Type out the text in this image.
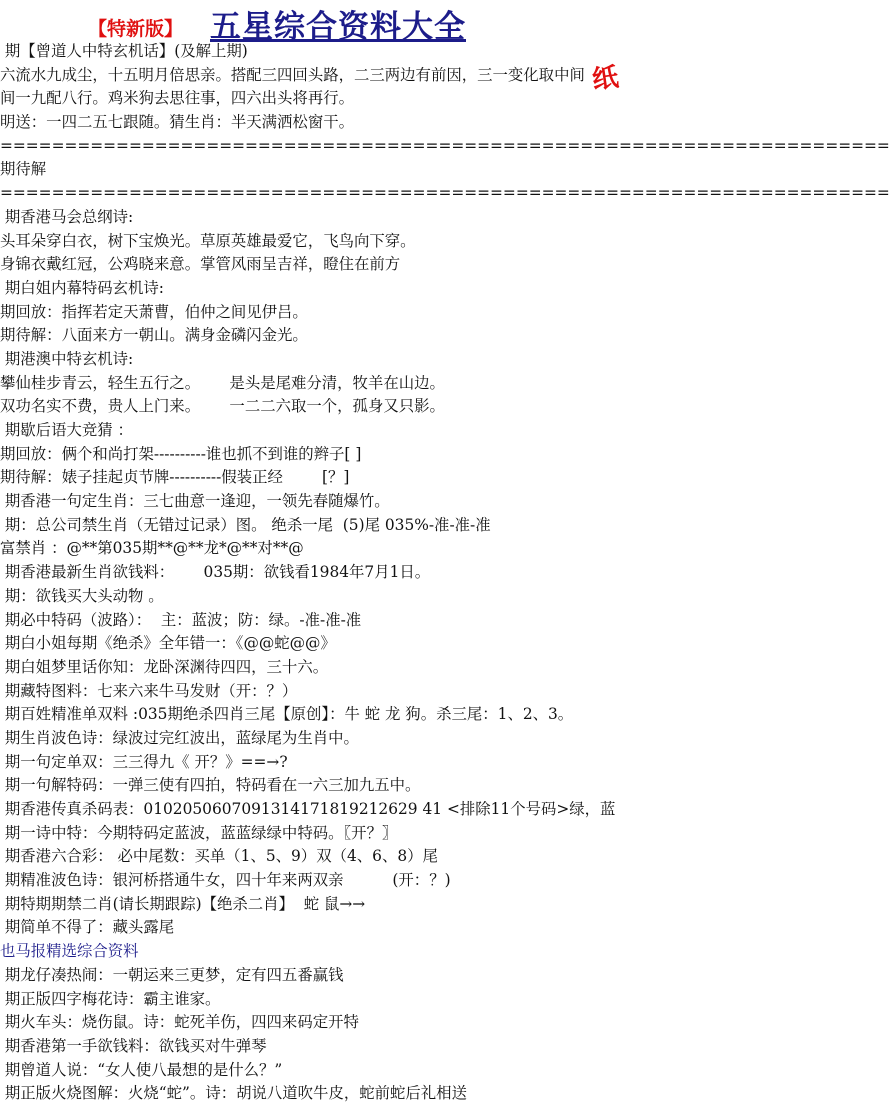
【特新版】 五星综合资料大全
纸
期【曾道人中特玄机话】(及解上期)
六流水九成尘，十五明月倍思亲。搭配三四回头路，二三两边有前因，三一变化取中间
间一九配八行。鸡米狗去思往事，四六出头将再行。
明送：一四二五七跟随。猜生肖：半天满洒松窗干。
=====================================================================
期待解
=====================================================================
期香港马会总纲诗:
头耳朵穿白衣，树下宝焕光。草原英雄最爱它，飞鸟向下穿。
身锦衣戴红冠，公鸡晓来意。掌管风雨呈吉祥，瞪住在前方
期白姐内幕特码玄机诗:
期回放：指挥若定天萧曹，伯仲之间见伊吕。
期待解：八面来方一朝山。满身金磷闪金光。
期港澳中特玄机诗:
攀仙桂步青云，轻生五行之。      是头是尾难分清，牧羊在山边。
双功名实不费，贵人上门来。      一二二六取一个，孤身又只影。
期歇后语大竞猜 ：
期回放：俩个和尚打架----------谁也抓不到谁的辫子[ ]
期待解：婊子挂起贞节牌----------假装正经        [？]
期香港一句定生肖：三七曲意一逢迎，一领先春随爆竹。
期：总公司禁生肖（无错过记录）图。 绝杀一尾  (5)尾 035%-准-准-准
富禁肖 ：@**第035期**@**龙*@**对**@
期香港最新生肖欲钱料：      035期：欲钱看1984年7月1日。
期：欲钱买大头动物 。
期必中特码（波路）：  主：蓝波；防：绿。-准-准-准
期白小姐每期《绝杀》全年错一：《@@蛇@@》
期白姐梦里话你知：龙卧深渊待四四，三十六。
期藏特图料：七来六来牛马发财（开：？）
期百姓精准单双料 :035期绝杀四肖三尾【原创】：牛 蛇 龙 狗。杀三尾：1、2、3。
期生肖波色诗：绿波过完红波出，蓝绿尾为生肖中。
期一句定单双：三三得九《 开？》==→?
期一句解特码：一弹三使有四拍，特码看在一六三加九五中。
期香港传真杀码表：0102050607091314171819212629 41 <排除11个号码>绿，蓝
期一诗中特：今期特码定蓝波，蓝蓝绿绿中特码。〖开？〗
期香港六合彩： 必中尾数：买单（1、5、9）双（4、6、8）尾
期精准波色诗：银河桥搭通牛女，四十年来两双亲          (开：？)
期特期期禁二肖(请长期跟踪)【绝杀二肖】  蛇 鼠→→
期简单不得了：藏头露尾
也马报精选综合资料
期龙仔凑热闹：一朝运来三更梦，定有四五番赢钱
期正版四字梅花诗：霸主谁家。
期火车头：烧伤鼠。诗：蛇死羊伤，四四来码定开特
期香港第一手欲钱料：欲钱买对牛弹琴
期曾道人说：“女人使八最想的是什么？”
期正版火烧图解：火烧“蛇”。诗：胡说八道吹牛皮，蛇前蛇后礼相送
